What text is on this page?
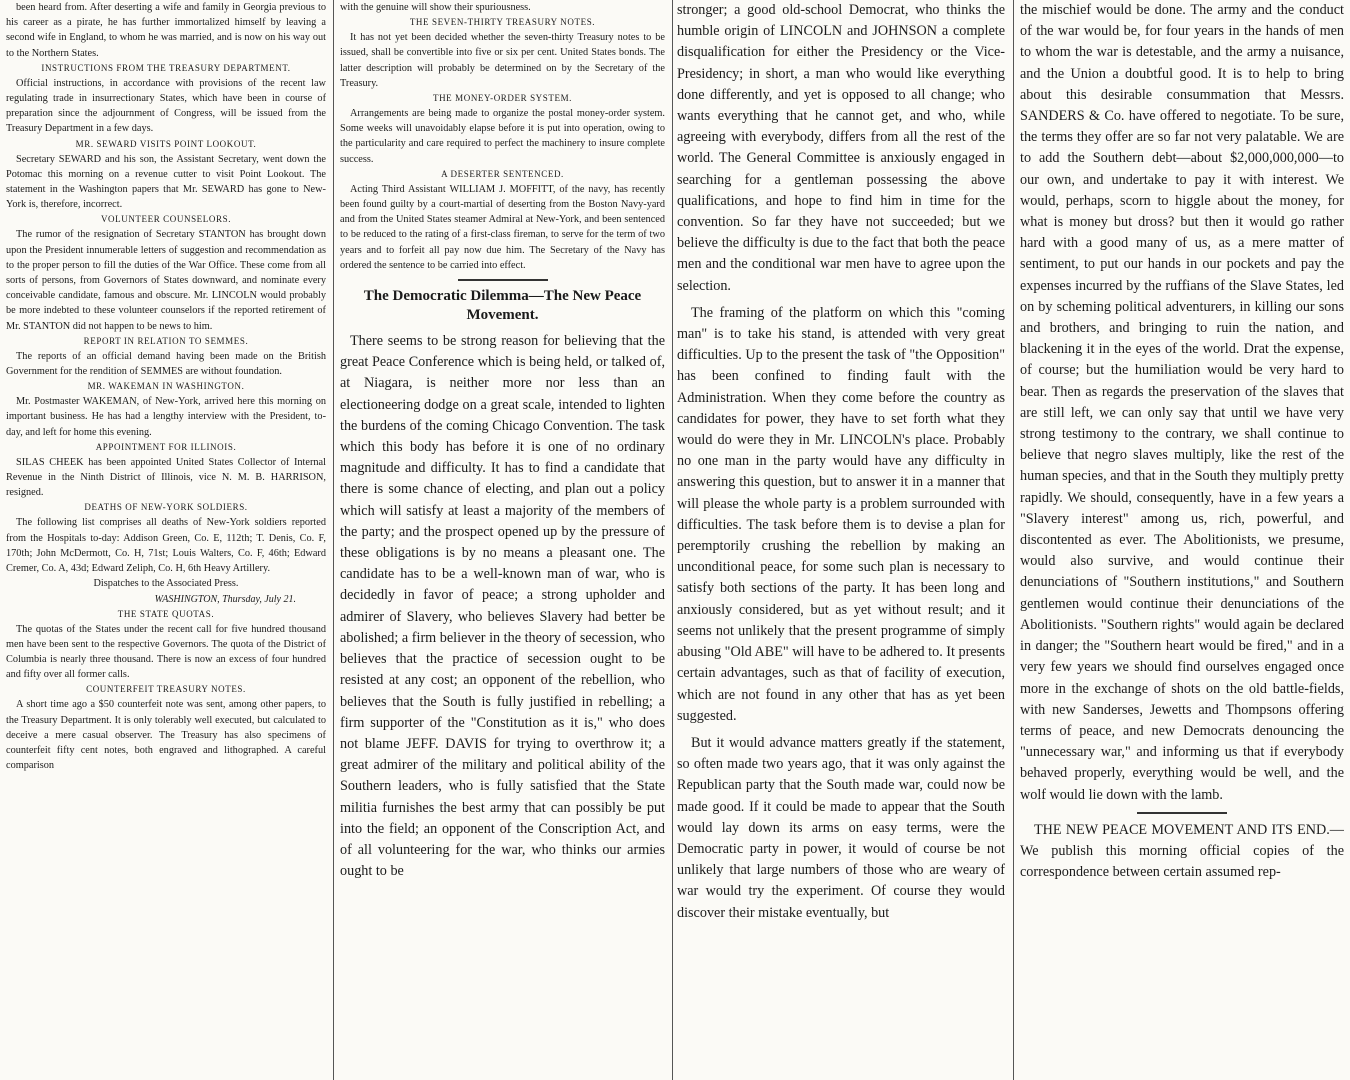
been heard from. After deserting a wife and family in Georgia previous to his career as a pirate, he has further immortalized himself by leaving a second wife in England, to whom he was married, and is now on his way out to the Northern States.

INSTRUCTIONS FROM THE TREASURY DEPARTMENT.

Official instructions, in accordance with provisions of the recent law regulating trade in insurrectionary States, which have been in course of preparation since the adjournment of Congress, will be issued from the Treasury Department in a few days.

MR. SEWARD VISITS POINT LOOKOUT.

Secretary SEWARD and his son, the Assistant Secretary, went down the Potomac this morning on a revenue cutter to visit Point Lookout. The statement in the Washington papers that Mr. SEWARD has gone to New-York is, therefore, incorrect.

VOLUNTEER COUNSELORS.

The rumor of the resignation of Secretary STANTON has brought down upon the President innumerable letters of suggestion and recommendation as to the proper person to fill the duties of the War Office. These come from all sorts of persons, from Governors of States downward, and nominate every conceivable candidate, famous and obscure. Mr. LINCOLN would probably be more indebted to these volunteer counselors if the reported retirement of Mr. STANTON did not happen to be news to him.

REPORT IN RELATION TO SEMMES.

The reports of an official demand having been made on the British Government for the rendition of SEMMES are without foundation.

MR. WAKEMAN IN WASHINGTON.

Mr. Postmaster WAKEMAN, of New-York, arrived here this morning on important business. He has had a lengthy interview with the President, to-day, and left for home this evening.

APPOINTMENT FOR ILLINOIS.

SILAS CHEEK has been appointed United States Collector of Internal Revenue in the Ninth District of Illinois, vice N. M. B. HARRISON, resigned.

DEATHS OF NEW-YORK SOLDIERS.

The following list comprises all deaths of New-York soldiers reported from the Hospitals to-day: Addison Green, Co. E, 112th; T. Denis, Co. F, 170th; John McDermott, Co. H, 71st; Louis Walters, Co. F, 46th; Edward Cremer, Co. A, 43d; Edward Zeliph, Co. H, 6th Heavy Artillery.

Dispatches to the Associated Press.

WASHINGTON, Thursday, July 21.
THE STATE QUOTAS.

The quotas of the States under the recent call for five hundred thousand men have been sent to the respective Governors. The quota of the District of Columbia is nearly three thousand. There is now an excess of four hundred and fifty over all former calls.

COUNTERFEIT TREASURY NOTES.

A short time ago a $50 counterfeit note was sent, among other papers, to the Treasury Department. It is only tolerably well executed, but calculated to deceive a mere casual observer. The Treasury has also specimens of counterfeit fifty cent notes, both engraved and lithographed. A careful comparison

with the genuine will show their spuriousness.

THE SEVEN-THIRTY TREASURY NOTES.

It has not yet been decided whether the seven-thirty Treasury notes to be issued, shall be convertible into five or six per cent. United States bonds. The latter description will probably be determined on by the Secretary of the Treasury.

THE MONEY-ORDER SYSTEM.

Arrangements are being made to organize the postal money-order system. Some weeks will unavoidably elapse before it is put into operation, owing to the particularity and care required to perfect the machinery to insure complete success.

A DESERTER SENTENCED.

Acting Third Assistant WILLIAM J. MOFFITT, of the navy, has recently been found guilty by a court-martial of deserting from the Boston Navy-yard and from the United States steamer Admiral at New-York, and been sentenced to be reduced to the rating of a first-class fireman, to serve for the term of two years and to forfeit all pay now due him. The Secretary of the Navy has ordered the sentence to be carried into effect.

The Democratic Dilemma—The New Peace Movement.

There seems to be strong reason for believing that the great Peace Conference which is being held, or talked of, at Niagara, is neither more nor less than an electioneering dodge on a great scale, intended to lighten the burdens of the coming Chicago Convention. The task which this body has before it is one of no ordinary magnitude and difficulty. It has to find a candidate that there is some chance of electing, and plan out a policy which will satisfy at least a majority of the members of the party; and the prospect opened up by the pressure of these obligations is by no means a pleasant one. The candidate has to be a well-known man of war, who is decidedly in favor of peace; a strong upholder and admirer of Slavery, who believes Slavery had better be abolished; a firm believer in the theory of secession, who believes that the practice of secession ought to be resisted at any cost; an opponent of the rebellion, who believes that the South is fully justified in rebelling; a firm supporter of the "Constitution as it is," who does not blame JEFF. DAVIS for trying to overthrow it; a great admirer of the military and political ability of the Southern leaders, who is fully satisfied that the State militia furnishes the best army that can possibly be put into the field; an opponent of the Conscription Act, and of all volunteering for the war, who thinks our armies ought to be

stronger; a good old-school Democrat, who thinks the humble origin of LINCOLN and JOHNSON a complete disqualification for either the Presidency or the Vice-Presidency; in short, a man who would like everything done differently, and yet is opposed to all change; who wants everything that he cannot get, and who, while agreeing with everybody, differs from all the rest of the world. The General Committee is anxiously engaged in searching for a gentleman possessing the above qualifications, and hope to find him in time for the convention. So far they have not succeeded; but we believe the difficulty is due to the fact that both the peace men and the conditional war men have to agree upon the selection.

The framing of the platform on which this "coming man" is to take his stand, is attended with very great difficulties. Up to the present the task of "the Opposition" has been confined to finding fault with the Administration. When they come before the country as candidates for power, they have to set forth what they would do were they in Mr. LINCOLN's place. Probably no one man in the party would have any difficulty in answering this question, but to answer it in a manner that will please the whole party is a problem surrounded with difficulties. The task before them is to devise a plan for peremptorily crushing the rebellion by making an unconditional peace, for some such plan is necessary to satisfy both sections of the party. It has been long and anxiously considered, but as yet without result; and it seems not unlikely that the present programme of simply abusing "Old ABE" will have to be adhered to. It presents certain advantages, such as that of facility of execution, which are not found in any other that has as yet been suggested.

But it would advance matters greatly if the statement, so often made two years ago, that it was only against the Republican party that the South made war, could now be made good. If it could be made to appear that the South would lay down its arms on easy terms, were the Democratic party in power, it would of course be not unlikely that large numbers of those who are weary of war would try the experiment. Of course they would discover their mistake eventually, but

the mischief would be done. The army and the conduct of the war would be, for four years in the hands of men to whom the war is detestable, and the army a nuisance, and the Union a doubtful good. It is to help to bring about this desirable consummation that Messrs. SANDERS & Co. have offered to negotiate. To be sure, the terms they offer are so far not very palatable. We are to add the Southern debt—about $2,000,000,000—to our own, and undertake to pay it with interest. We would, perhaps, scorn to higgle about the money, for what is money but dross? but then it would go rather hard with a good many of us, as a mere matter of sentiment, to put our hands in our pockets and pay the expenses incurred by the ruffians of the Slave States, led on by scheming political adventurers, in killing our sons and brothers, and bringing to ruin the nation, and blackening it in the eyes of the world. Drat the expense, of course; but the humiliation would be very hard to bear. Then as regards the preservation of the slaves that are still left, we can only say that until we have very strong testimony to the contrary, we shall continue to believe that negro slaves multiply, like the rest of the human species, and that in the South they multiply pretty rapidly. We should, consequently, have in a few years a "Slavery interest" among us, rich, powerful, and discontented as ever. The Abolitionists, we presume, would also survive, and would continue their denunciations of "Southern institutions," and Southern gentlemen would continue their denunciations of the Abolitionists. "Southern rights" would again be declared in danger; the "Southern heart would be fired," and in a very few years we should find ourselves engaged once more in the exchange of shots on the old battle-fields, with new Sanderses, Jewetts and Thompsons offering terms of peace, and new Democrats denouncing the "unnecessary war," and informing us that if everybody behaved properly, everything would be well, and the wolf would lie down with the lamb.

THE NEW PEACE MOVEMENT AND ITS END.—We publish this morning official copies of the correspondence between certain assumed rep-
